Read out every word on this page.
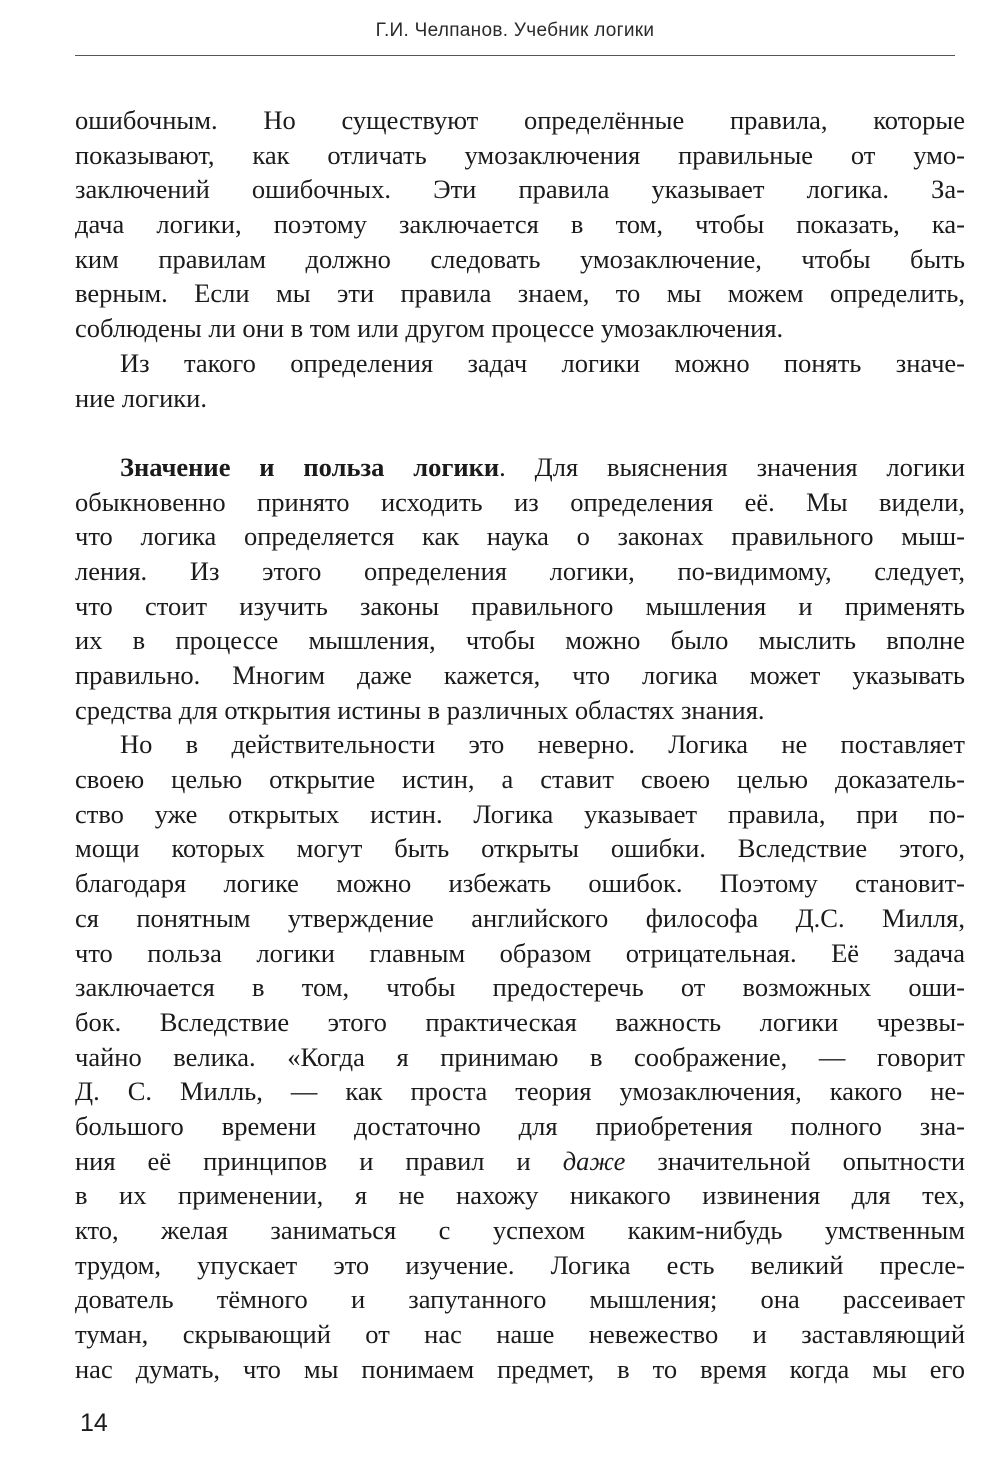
Г.И. Челпанов. Учебник логики
ошибочным. Но существуют определённые правила, которые
показывают, как отличать умозаключения правильные от умо-
заключений ошибочных. Эти правила указывает логика. За-
дача логики, поэтому заключается в том, чтобы показать, ка-
ким правилам должно следовать умозаключение, чтобы быть
верным. Если мы эти правила знаем, то мы можем определить,
соблюдены ли они в том или другом процессе умозаключения.
Из такого определения задач логики можно понять значе-
ние логики.
Значение и польза логики. Для выяснения значения логики
обыкновенно принято исходить из определения её. Мы видели,
что логика определяется как наука о законах правильного мыш-
ления. Из этого определения логики, по-видимому, следует,
что стоит изучить законы правильного мышления и применять
их в процессе мышления, чтобы можно было мыслить вполне
правильно. Многим даже кажется, что логика может указывать
средства для открытия истины в различных областях знания.
Но в действительности это неверно. Логика не поставляет
своею целью открытие истин, а ставит своею целью доказатель-
ство уже открытых истин. Логика указывает правила, при по-
мощи которых могут быть открыты ошибки. Вследствие этого,
благодаря логике можно избежать ошибок. Поэтому становит-
ся понятным утверждение английского философа Д.С. Милля,
что польза логики главным образом отрицательная. Её задача
заключается в том, чтобы предостеречь от возможных оши-
бок. Вследствие этого практическая важность логики чрезвы-
чайно велика. «Когда я принимаю в соображение, — говорит
Д. С. Милль, — как проста теория умозаключения, какого не-
большого времени достаточно для приобретения полного зна-
ния её принципов и правил и даже значительной опытности
в их применении, я не нахожу никакого извинения для тех,
кто, желая заниматься с успехом каким-нибудь умственным
трудом, упускает это изучение. Логика есть великий пресле-
дователь тёмного и запутанного мышления; она рассеивает
туман, скрывающий от нас наше невежество и заставляющий
нас думать, что мы понимаем предмет, в то время когда мы его
14
